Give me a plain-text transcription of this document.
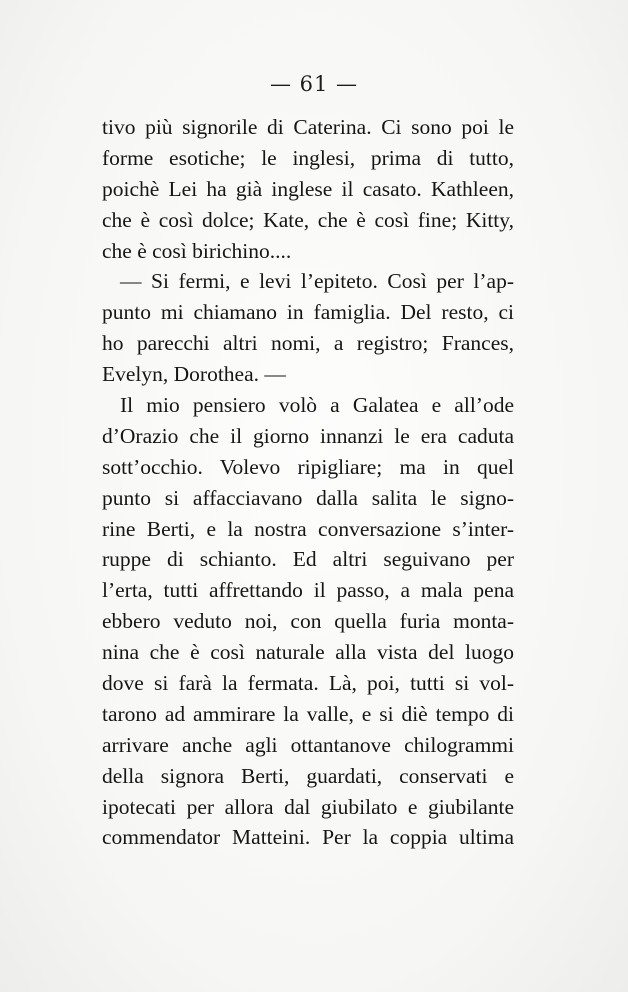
— 61 —
tivo più signorile di Caterina. Ci sono poi le
forme esotiche; le inglesi, prima di tutto,
poichè Lei ha già inglese il casato. Kathleen,
che è così dolce; Kate, che è così fine; Kitty,
che è così birichino....
— Si fermi, e levi l’epiteto. Così per l’ap-
punto mi chiamano in famiglia. Del resto, ci
ho parecchi altri nomi, a registro; Frances,
Evelyn, Dorothea. —
Il mio pensiero volò a Galatea e all’ode
d’Orazio che il giorno innanzi le era caduta
sott’occhio. Volevo ripigliare; ma in quel
punto si affacciavano dalla salita le signo-
rine Berti, e la nostra conversazione s’inter-
ruppe di schianto. Ed altri seguivano per
l’erta, tutti affrettando il passo, a mala pena
ebbero veduto noi, con quella furia monta-
nina che è così naturale alla vista del luogo
dove si farà la fermata. Là, poi, tutti si vol-
tarono ad ammirare la valle, e si diè tempo di
arrivare anche agli ottantanove chilogrammi
della signora Berti, guardati, conservati e
ipotecati per allora dal giubilato e giubilante
commendator Matteini. Per la coppia ultima
